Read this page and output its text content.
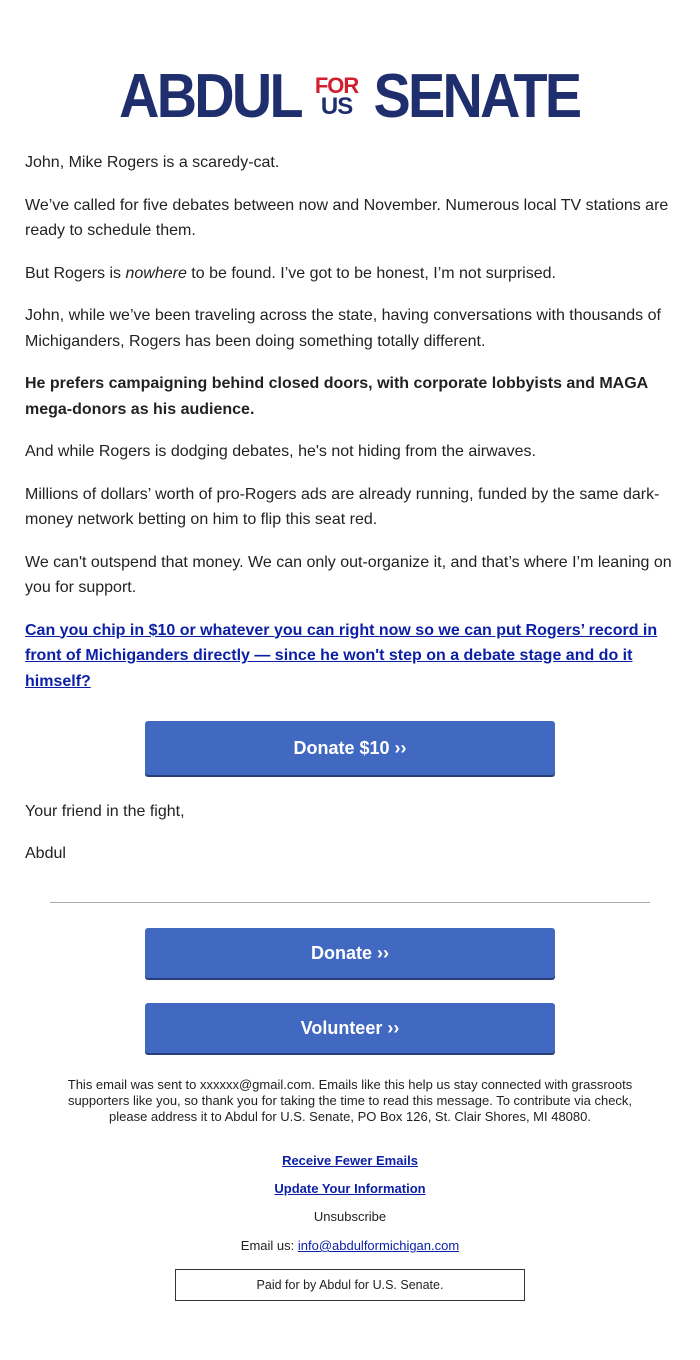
ABDUL FOR
US SENATE

John, Mike Rogers is a scaredy-cat.

We’ve called for five debates between now and November. Numerous local TV stations are ready to schedule them.

But Rogers is nowhere to be found. I’ve got to be honest, I’m not surprised.

John, while we’ve been traveling across the state, having conversations with thousands of Michiganders, Rogers has been doing something totally different.

He prefers campaigning behind closed doors, with corporate lobbyists and MAGA mega-donors as his audience.

And while Rogers is dodging debates, he's not hiding from the airwaves.

Millions of dollars’ worth of pro-Rogers ads are already running, funded by the same dark-money network betting on him to flip this seat red.

We can't outspend that money. We can only out-organize it, and that’s where I’m leaning on you for support.

Can you chip in $10 or whatever you can right now so we can put Rogers’ record in front of Michiganders directly — since he won't step on a debate stage and do it himself?
Donate $10 ››
Your friend in the fight,
Abdul
Donate ››
Volunteer ››
This email was sent to xxxxxx@gmail.com. Emails like this help us stay connected with grassroots supporters like you, so thank you for taking the time to read this message. To contribute via check, please address it to Abdul for U.S. Senate, PO Box 126, St. Clair Shores, MI 48080.
Receive Fewer Emails
Update Your Information
Unsubscribe
Email us: info@abdulformichigan.com
Paid for by Abdul for U.S. Senate.
